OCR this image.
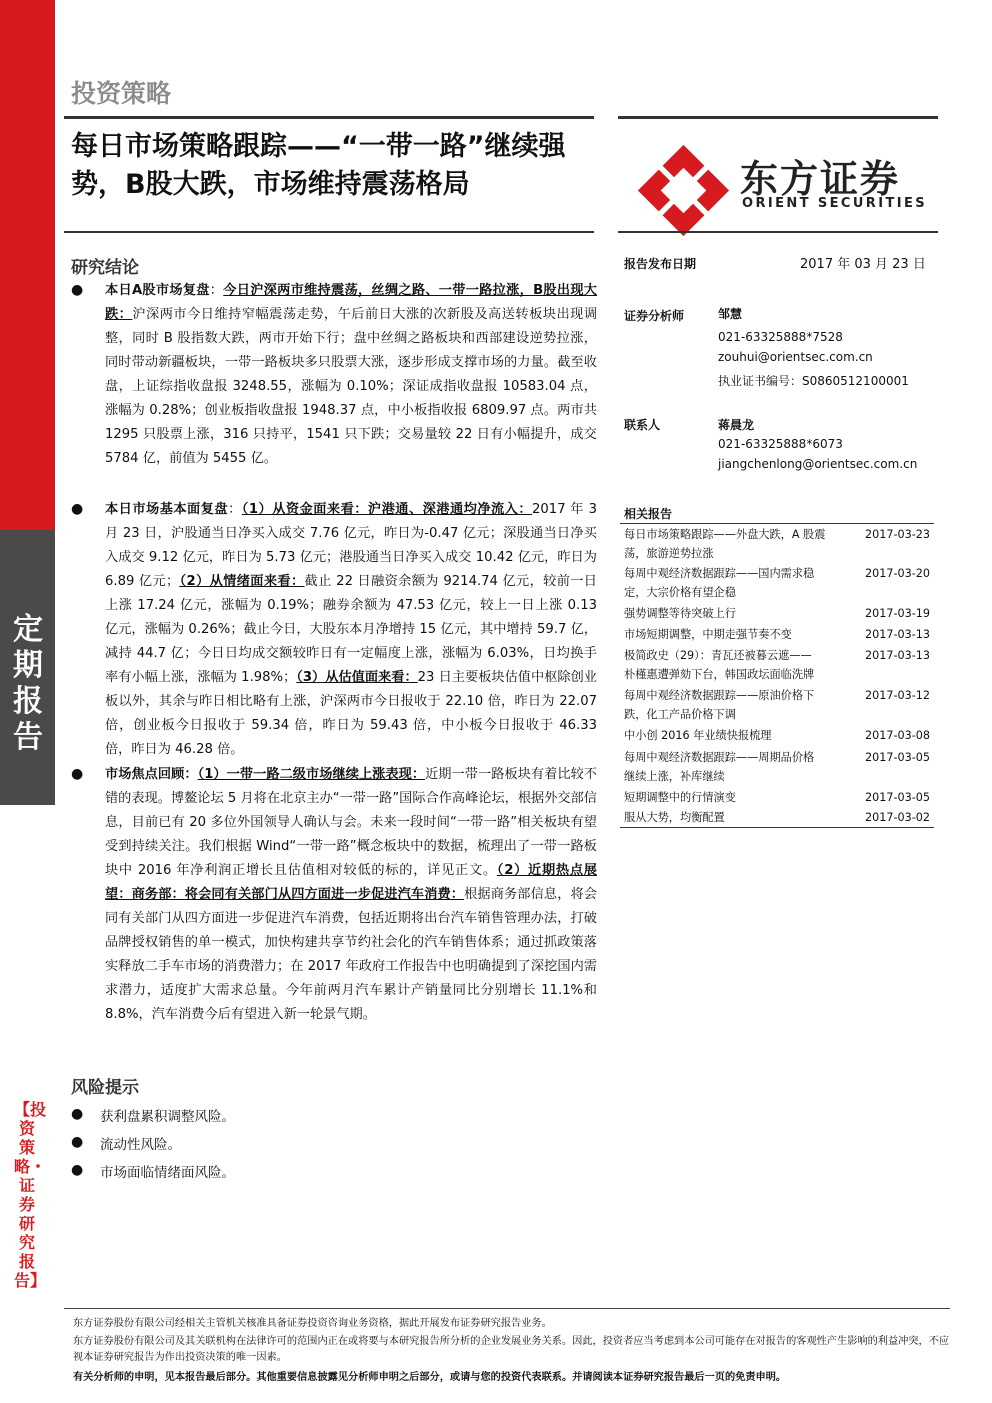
定期报告
【投资策略・证券研究报告】
投资策略
每日市场策略跟踪——“一带一路”继续强势，B股大跌，市场维持震荡格局	东方证券
ORIENT SECURITIES
研究结论
● 本日A股市场复盘：今日沪深两市维持震荡，丝绸之路、一带一路拉涨，B股出现大跌：沪深两市今日维持窄幅震荡走势，午后前日大涨的次新股及高送转板块出现调整，同时 B 股指数大跌，两市开始下行；盘中丝绸之路板块和西部建设逆势拉涨，同时带动新疆板块，一带一路板块多只股票大涨，逐步形成支撑市场的力量。截至收盘，上证综指收盘报 3248.55，涨幅为 0.10%；深证成指收盘报 10583.04 点，涨幅为 0.28%；创业板指收盘报 1948.37 点，中小板指收报 6809.97 点。两市共 1295 只股票上涨，316 只持平，1541 只下跌；交易量较 22 日有小幅提升，成交 5784 亿，前值为 5455 亿。
● 本日市场基本面复盘：（1）从资金面来看：沪港通、深港通均净流入：2017 年 3 月 23 日，沪股通当日净买入成交 7.76 亿元，昨日为-0.47 亿元；深股通当日净买入成交 9.12 亿元，昨日为 5.73 亿元；港股通当日净买入成交 10.42 亿元，昨日为 6.89 亿元；（2）从情绪面来看：截止 22 日融资余额为 9214.74 亿元，较前一日上涨 17.24 亿元，涨幅为 0.19%；融券余额为 47.53 亿元，较上一日上涨 0.13 亿元，涨幅为 0.26%；截止今日，大股东本月净增持 15 亿元，其中增持 59.7 亿，减持 44.7 亿；今日日均成交额较昨日有一定幅度上涨，涨幅为 6.03%，日均换手率有小幅上涨，涨幅为 1.98%；（3）从估值面来看：23 日主要板块估值中枢除创业板以外，其余与昨日相比略有上涨，沪深两市今日报收于 22.10 倍，昨日为 22.07 倍，创业板今日报收于 59.34 倍，昨日为 59.43 倍，中小板今日报收于 46.33 倍，昨日为 46.28 倍。
● 市场焦点回顾：（1）一带一路二级市场继续上涨表现：近期一带一路板块有着比较不错的表现。博鳌论坛 5 月将在北京主办“一带一路”国际合作高峰论坛，根据外交部信息，目前已有 20 多位外国领导人确认与会。未来一段时间“一带一路”相关板块有望受到持续关注。我们根据 Wind“一带一路”概念板块中的数据，梳理出了一带一路板块中 2016 年净利润正增长且估值相对较低的标的，详见正文。（2）近期热点展望：商务部：将会同有关部门从四方面进一步促进汽车消费：根据商务部信息，将会同有关部门从四方面进一步促进汽车消费，包括近期将出台汽车销售管理办法，打破品牌授权销售的单一模式，加快构建共享节约社会化的汽车销售体系；通过抓政策落实释放二手车市场的消费潜力；在 2017 年政府工作报告中也明确提到了深挖国内需求潜力，适度扩大需求总量。今年前两月汽车累计产销量同比分别增长 11.1%和 8.8%，汽车消费今后有望进入新一轮景气期。
风险提示
● 获利盘累积调整风险。
● 流动性风险。
● 市场面临情绪面风险。
报告发布日期	2017 年 03 月 23 日
证券分析师	邹慧
021-63325888*7528
zouhui@orientsec.com.cn
执业证书编号：S0860512100001
联系人	蒋晨龙
021-63325888*6073
jiangchenlong@orientsec.com.cn
相关报告
每日市场策略跟踪——外盘大跌，A 股震
荡，旅游逆势拉涨
2017-03-23
每周中观经济数据跟踪——国内需求稳
定，大宗价格有望企稳
2017-03-20
强势调整等待突破上行	2017-03-19
市场短期调整，中期走强节奏不变	2017-03-13
极简政史（29）：青瓦还被暮云遮——
朴槿惠遭弹劾下台，韩国政坛面临洗牌
2017-03-13
每周中观经济数据跟踪——原油价格下
跌，化工产品价格下调
2017-03-12
中小创 2016 年业绩快报梳理	2017-03-08
每周中观经济数据跟踪——周期品价格
继续上涨，补库继续
2017-03-05
短期调整中的行情演变	2017-03-05
服从大势，均衡配置	2017-03-02
东方证券股份有限公司经相关主管机关核准具备证券投资咨询业务资格，据此开展发布证券研究报告业务。
东方证券股份有限公司及其关联机构在法律许可的范围内正在或将要与本研究报告所分析的企业发展业务关系。因此，投资者应当考虑到本公司可能存在对报告的客观性产生影响的利益冲突，不应视本证券研究报告为作出投资决策的唯一因素。
有关分析师的申明，见本报告最后部分。其他重要信息披露见分析师申明之后部分，或请与您的投资代表联系。并请阅读本证券研究报告最后一页的免责申明。
